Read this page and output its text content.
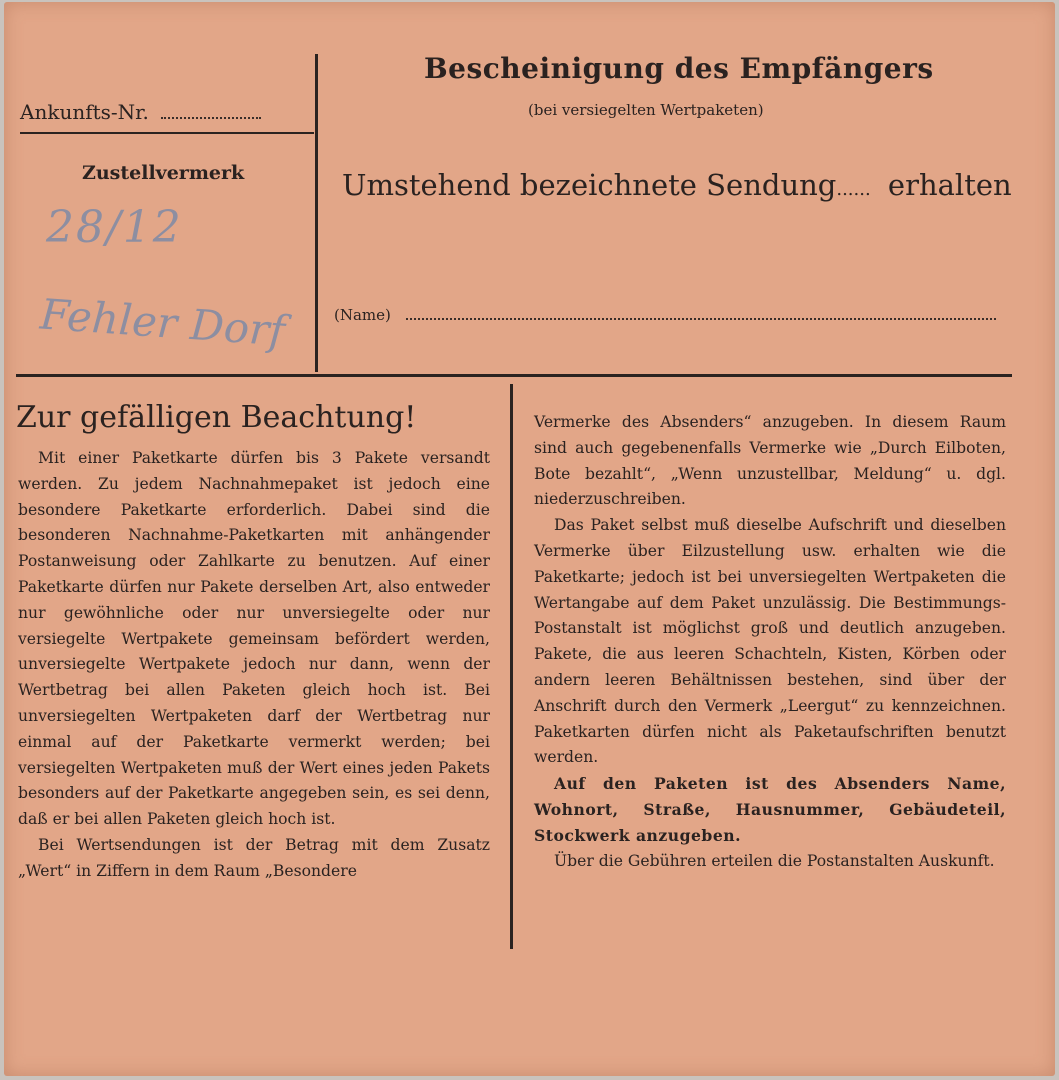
Ankunfts-Nr.
Zustellvermerk
28/12
Fehler Dorf
Bescheinigung des Empfängers
(bei versiegelten Wertpaketen)
Umstehend bezeichnete Sendung...... erhalten
(Name)
Zur gefälligen Beachtung!

Mit einer Paketkarte dürfen bis 3 Pakete versandt werden. Zu jedem Nachnahmepaket ist jedoch eine besondere Paketkarte erforderlich. Dabei sind die besonderen Nachnahme-Paketkarten mit anhängender Postanweisung oder Zahlkarte zu benutzen. Auf einer Paketkarte dürfen nur Pakete derselben Art, also entweder nur gewöhnliche oder nur unversiegelte oder nur versiegelte Wertpakete gemeinsam befördert werden, unversiegelte Wertpakete jedoch nur dann, wenn der Wertbetrag bei allen Paketen gleich hoch ist. Bei unversiegelten Wertpaketen darf der Wertbetrag nur einmal auf der Paketkarte vermerkt werden; bei versiegelten Wertpaketen muß der Wert eines jeden Pakets besonders auf der Paketkarte angegeben sein, es sei denn, daß er bei allen Paketen gleich hoch ist.

Bei Wertsendungen ist der Betrag mit dem Zusatz „Wert“ in Ziffern in dem Raum „Besondere

Vermerke des Absenders“ anzugeben. In diesem Raum sind auch gegebenenfalls Vermerke wie „Durch Eilboten, Bote bezahlt“, „Wenn unzustellbar, Meldung“ u. dgl. niederzuschreiben.

Das Paket selbst muß dieselbe Aufschrift und dieselben Vermerke über Eilzustellung usw. erhalten wie die Paketkarte; jedoch ist bei unversiegelten Wertpaketen die Wertangabe auf dem Paket unzulässig. Die Bestimmungs-Postanstalt ist möglichst groß und deutlich anzugeben. Pakete, die aus leeren Schachteln, Kisten, Körben oder andern leeren Behältnissen bestehen, sind über der Anschrift durch den Vermerk „Leergut“ zu kennzeichnen. Paketkarten dürfen nicht als Paketaufschriften benutzt werden.

Auf den Paketen ist des Absenders Name, Wohnort, Straße, Hausnummer, Gebäudeteil, Stockwerk anzugeben.

Über die Gebühren erteilen die Postanstalten Auskunft.
